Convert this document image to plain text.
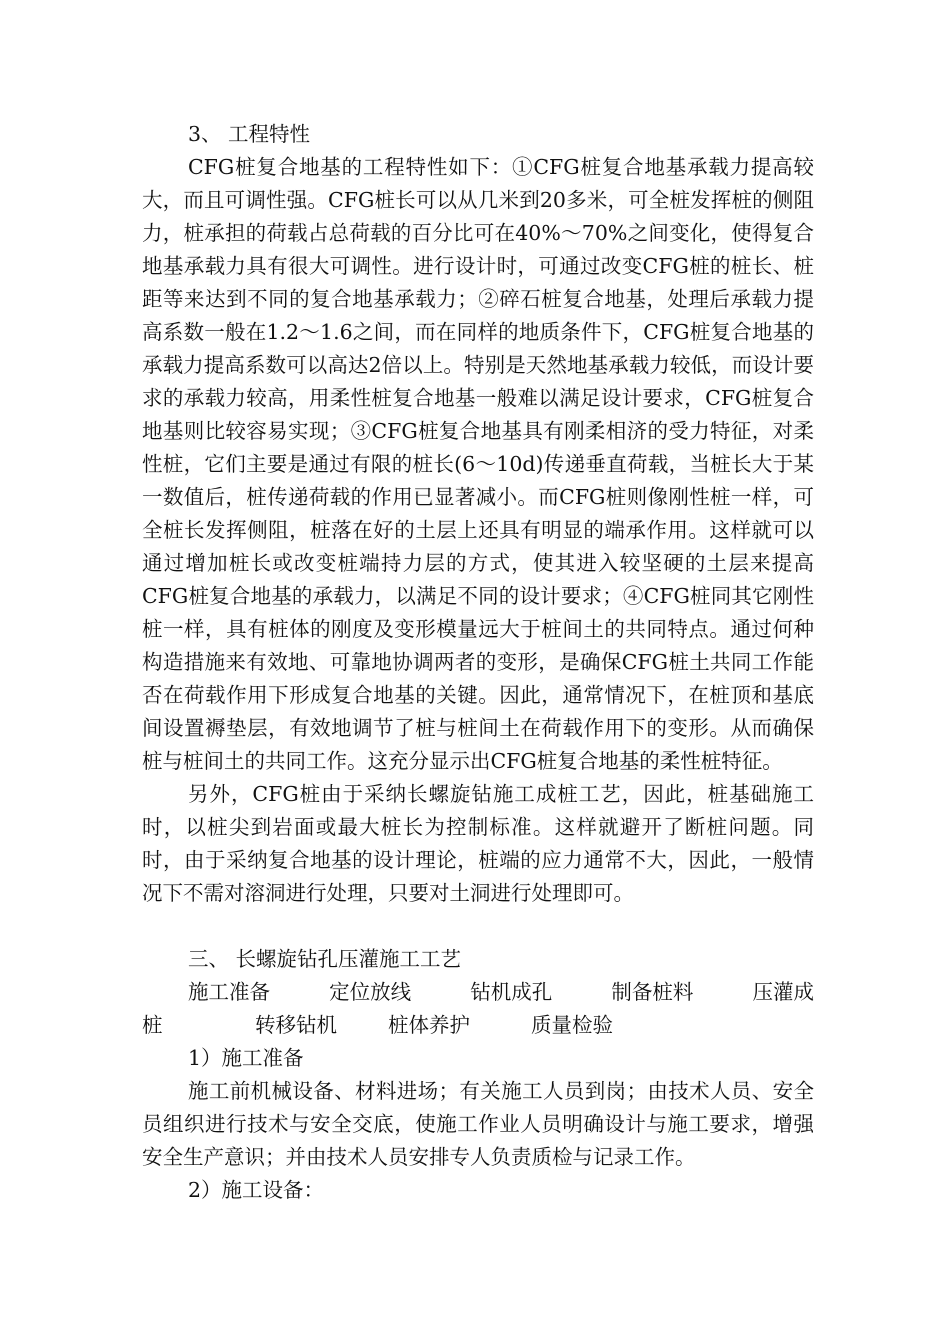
3、 工程特性

CFG桩复合地基的工程特性如下：①CFG桩复合地基承载力提高较大，而且可调性强。CFG桩长可以从几米到20多米，可全桩发挥桩的侧阻力，桩承担的荷载占总荷载的百分比可在40%～70%之间变化，使得复合地基承载力具有很大可调性。进行设计时，可通过改变CFG桩的桩长、桩距等来达到不同的复合地基承载力；②碎石桩复合地基，处理后承载力提高系数一般在1.2～1.6之间，而在同样的地质条件下，CFG桩复合地基的承载力提高系数可以高达2倍以上。特别是天然地基承载力较低，而设计要求的承载力较高，用柔性桩复合地基一般难以满足设计要求，CFG桩复合地基则比较容易实现；③CFG桩复合地基具有刚柔相济的受力特征，对柔性桩，它们主要是通过有限的桩长(6～10d)传递垂直荷载，当桩长大于某一数值后，桩传递荷载的作用已显著减小。而CFG桩则像刚性桩一样，可全桩长发挥侧阻，桩落在好的土层上还具有明显的端承作用。这样就可以通过增加桩长或改变桩端持力层的方式，使其进入较坚硬的土层来提高CFG桩复合地基的承载力，以满足不同的设计要求；④CFG桩同其它刚性桩一样，具有桩体的刚度及变形模量远大于桩间土的共同特点。通过何种构造措施来有效地、可靠地协调两者的变形，是确保CFG桩土共同工作能否在荷载作用下形成复合地基的关键。因此，通常情况下，在桩顶和基底间设置褥垫层，有效地调节了桩与桩间土在荷载作用下的变形。从而确保桩与桩间土的共同工作。这充分显示出CFG桩复合地基的柔性桩特征。

另外，CFG桩由于采纳长螺旋钻施工成桩工艺，因此，桩基础施工时，以桩尖到岩面或最大桩长为控制标准。这样就避开了断桩问题。同时，由于采纳复合地基的设计理论，桩端的应力通常不大，因此，一般情况下不需对溶洞进行处理，只要对土洞进行处理即可。

三、 长螺旋钻孔压灌施工工艺
施工准备	定位放线	钻机成孔	制备桩料	压灌成
桩	转移钻机	桩体养护	质量检验
1）施工准备

施工前机械设备、材料进场；有关施工人员到岗；由技术人员、安全员组织进行技术与安全交底，使施工作业人员明确设计与施工要求，增强安全生产意识；并由技术人员安排专人负责质检与记录工作。

2）施工设备：
